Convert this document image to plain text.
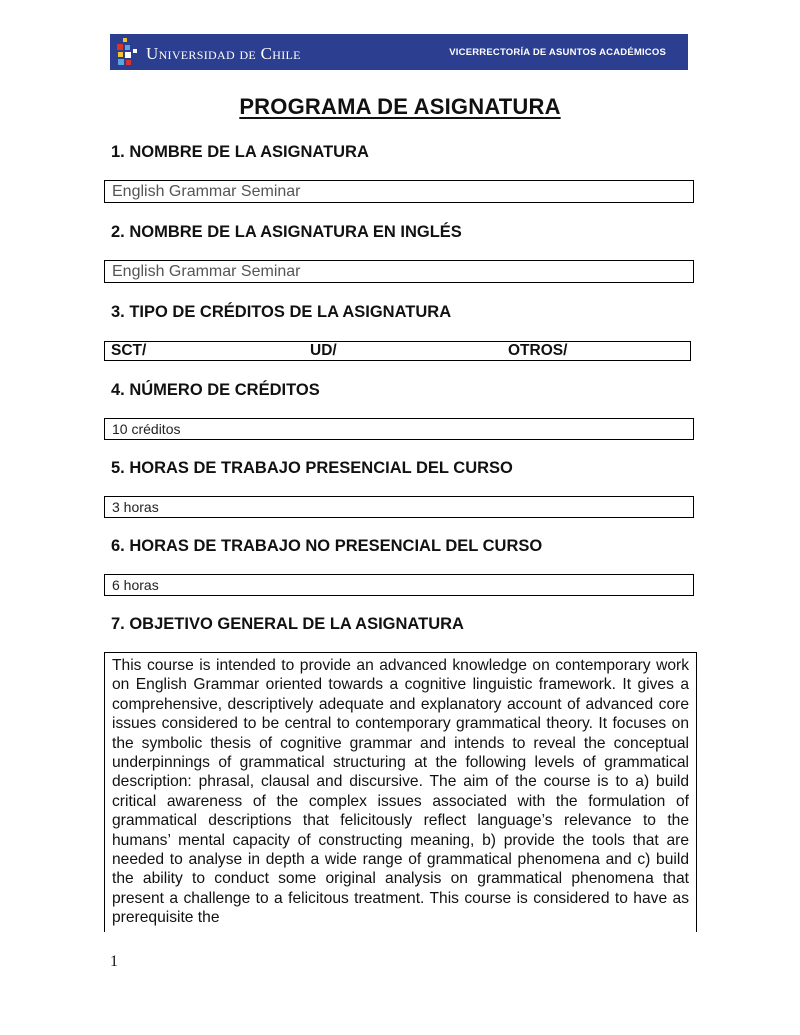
Universidad de Chile	VICERRECTORÍA DE ASUNTOS ACADÉMICOS
PROGRAMA DE ASIGNATURA
1. NOMBRE DE LA ASIGNATURA
English Grammar Seminar
2. NOMBRE DE LA ASIGNATURA EN INGLÉS
English Grammar Seminar
3. TIPO DE CRÉDITOS DE LA ASIGNATURA
SCT/	UD/	OTROS/
4. NÚMERO DE CRÉDITOS
10 créditos
5. HORAS DE TRABAJO PRESENCIAL DEL CURSO
3 horas
6. HORAS DE TRABAJO NO PRESENCIAL DEL CURSO
6 horas
7. OBJETIVO GENERAL DE LA ASIGNATURA
This course is intended to provide an advanced knowledge on contemporary work on English Grammar oriented towards a cognitive linguistic framework. It gives a comprehensive, descriptively adequate and explanatory account of advanced core issues considered to be central to contemporary grammatical theory. It focuses on the symbolic thesis of cognitive grammar and intends to reveal the conceptual underpinnings of grammatical structuring at the following levels of grammatical description: phrasal, clausal and discursive. The aim of the course is to a) build critical awareness of the complex issues associated with the formulation of grammatical descriptions that felicitously reflect language’s relevance to the humans’ mental capacity of constructing meaning, b) provide the tools that are needed to analyse in depth a wide range of grammatical phenomena and c) build the ability to conduct some original analysis on grammatical phenomena that present a challenge to a felicitous treatment. This course is considered to have as prerequisite the
1
